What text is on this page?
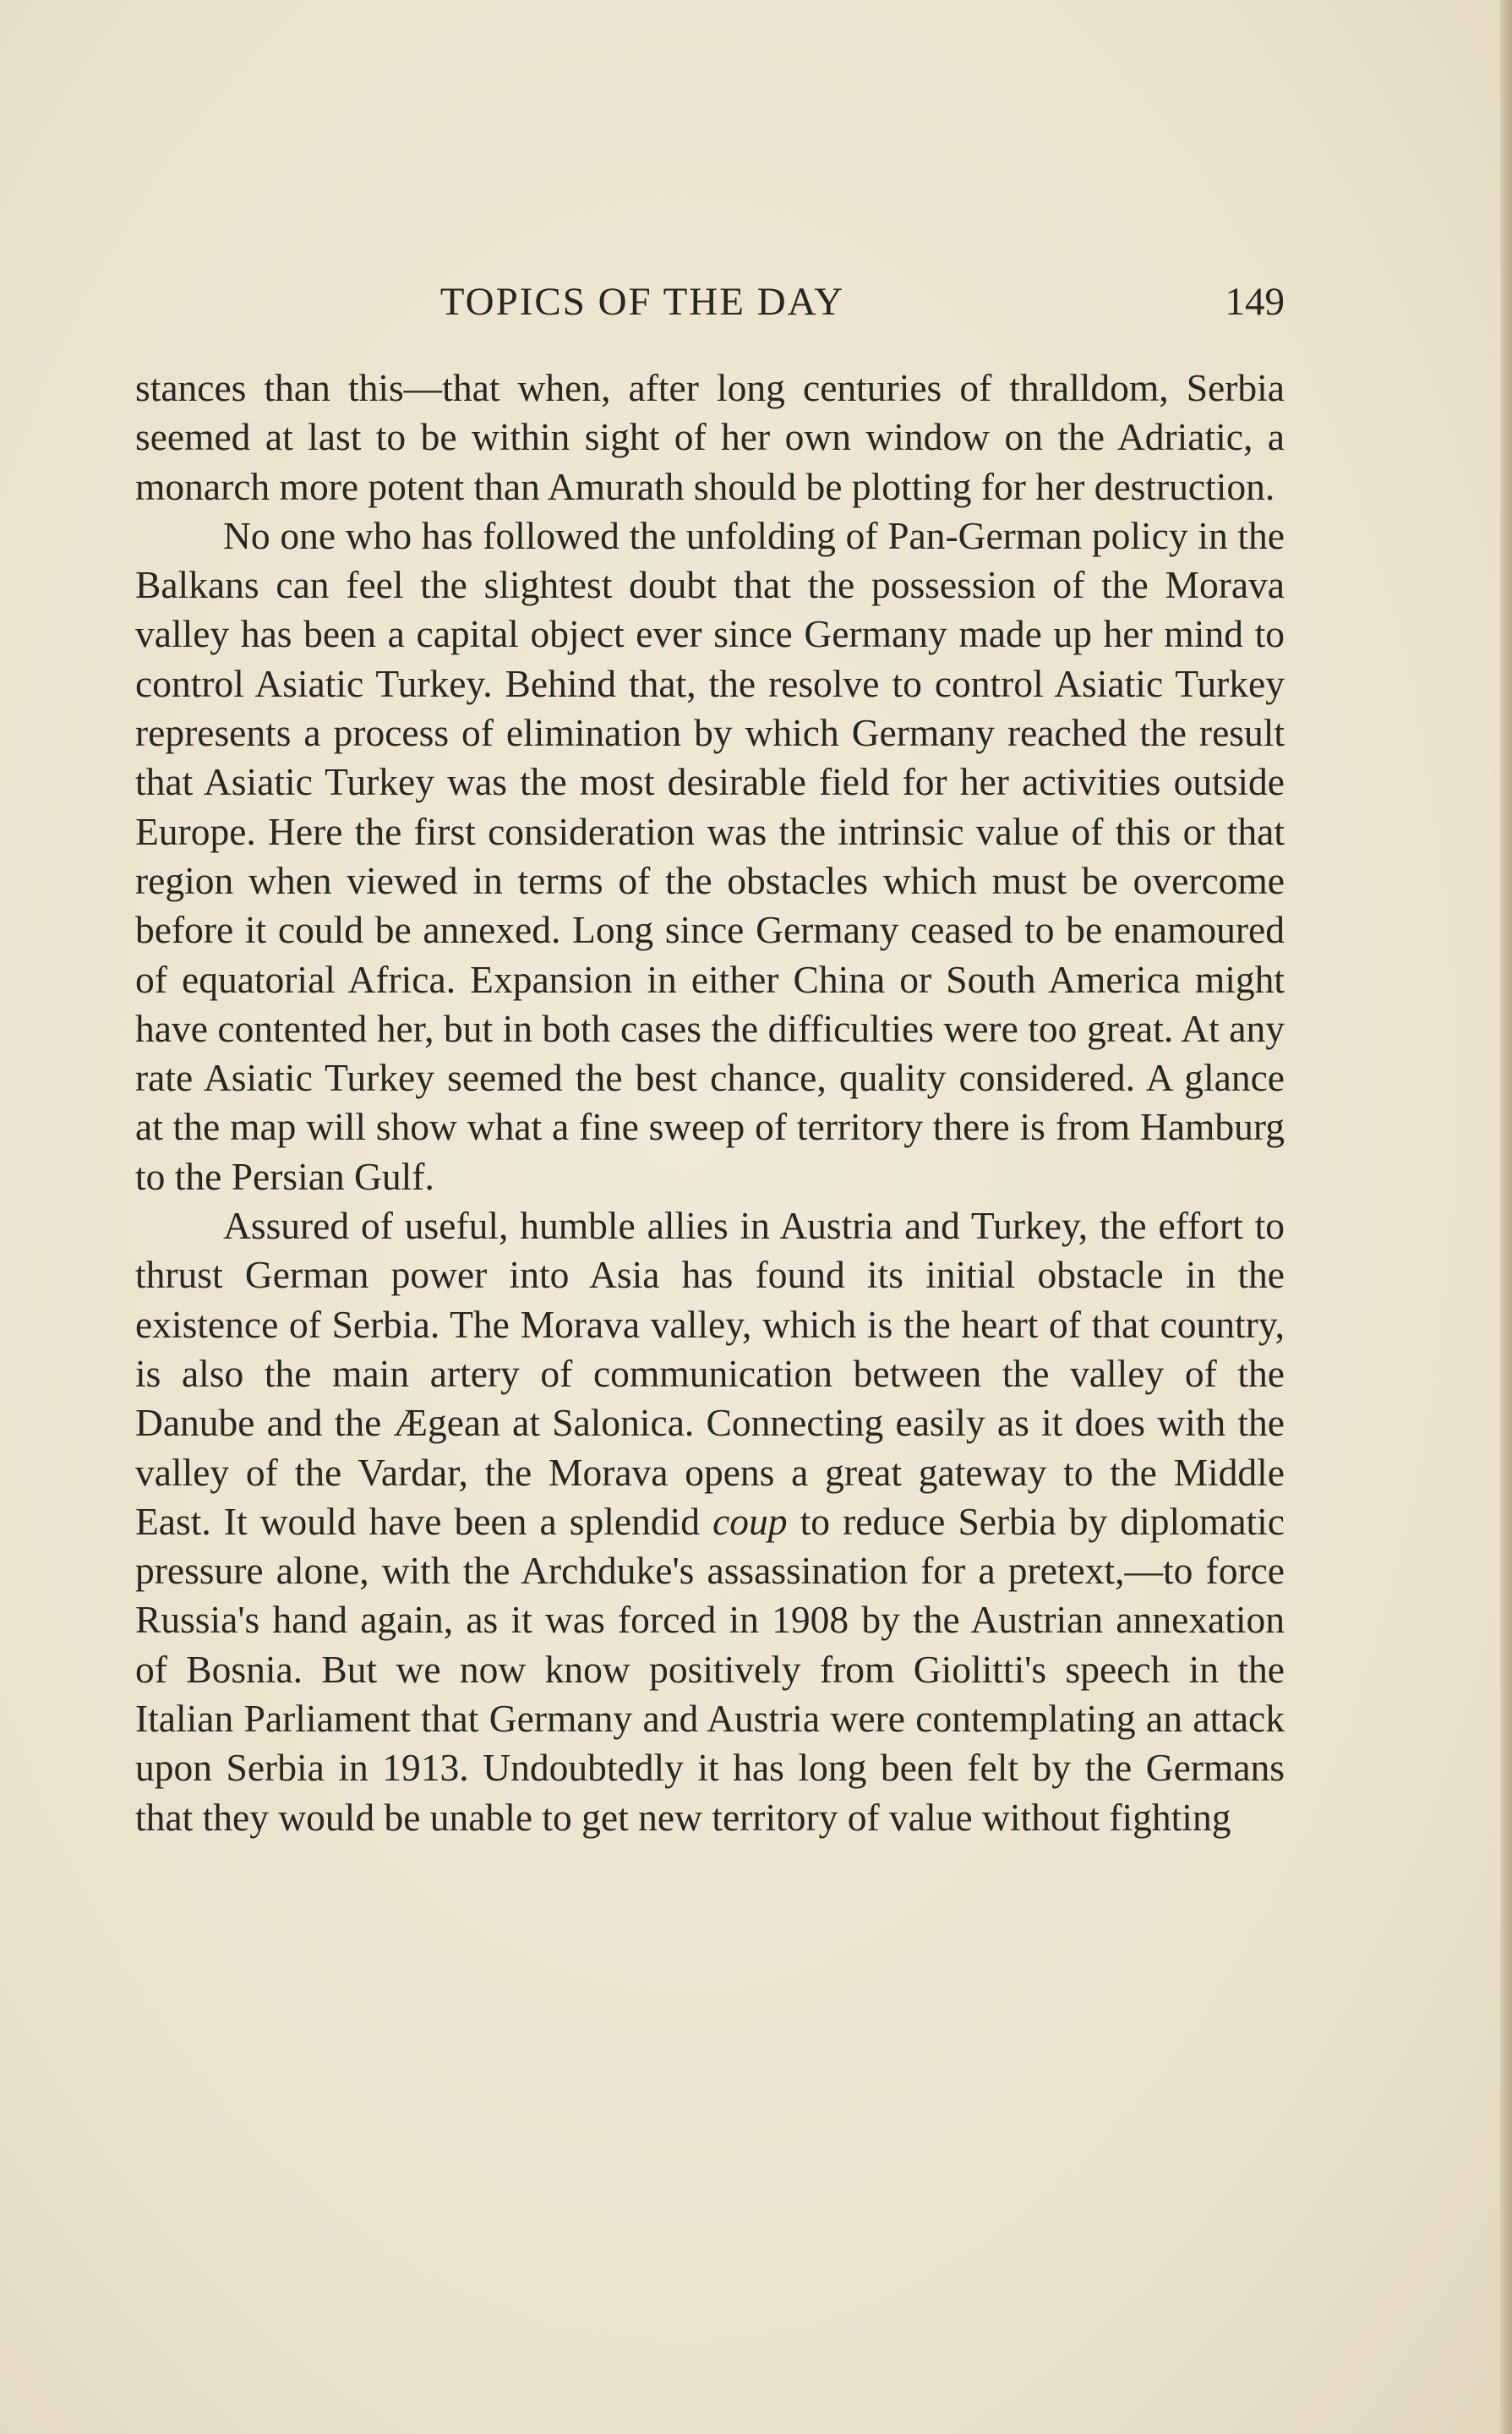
TOPICS OF THE DAY	149

stances than this—that when, after long centuries of thralldom, Serbia seemed at last to be within sight of her own window on the Adriatic, a monarch more potent than Amurath should be plotting for her destruction.

No one who has followed the unfolding of Pan-German policy in the Balkans can feel the slightest doubt that the possession of the Morava valley has been a capital object ever since Germany made up her mind to control Asiatic Turkey. Behind that, the resolve to control Asiatic Turkey represents a process of elimination by which Germany reached the result that Asiatic Turkey was the most desirable field for her activities outside Europe. Here the first consideration was the intrinsic value of this or that region when viewed in terms of the obstacles which must be overcome before it could be annexed. Long since Germany ceased to be enamoured of equatorial Africa. Expansion in either China or South America might have contented her, but in both cases the difficulties were too great. At any rate Asiatic Turkey seemed the best chance, quality considered. A glance at the map will show what a fine sweep of territory there is from Hamburg to the Persian Gulf.

Assured of useful, humble allies in Austria and Turkey, the effort to thrust German power into Asia has found its initial obstacle in the existence of Serbia. The Morava valley, which is the heart of that country, is also the main artery of communication between the valley of the Danube and the Ægean at Salonica. Connecting easily as it does with the valley of the Vardar, the Morava opens a great gateway to the Middle East. It would have been a splendid coup to reduce Serbia by diplomatic pressure alone, with the Archduke's assassination for a pretext,—to force Russia's hand again, as it was forced in 1908 by the Austrian annexation of Bosnia. But we now know positively from Giolitti's speech in the Italian Parliament that Germany and Austria were contemplating an attack upon Serbia in 1913. Undoubtedly it has long been felt by the Germans that they would be unable to get new territory of value without fighting
